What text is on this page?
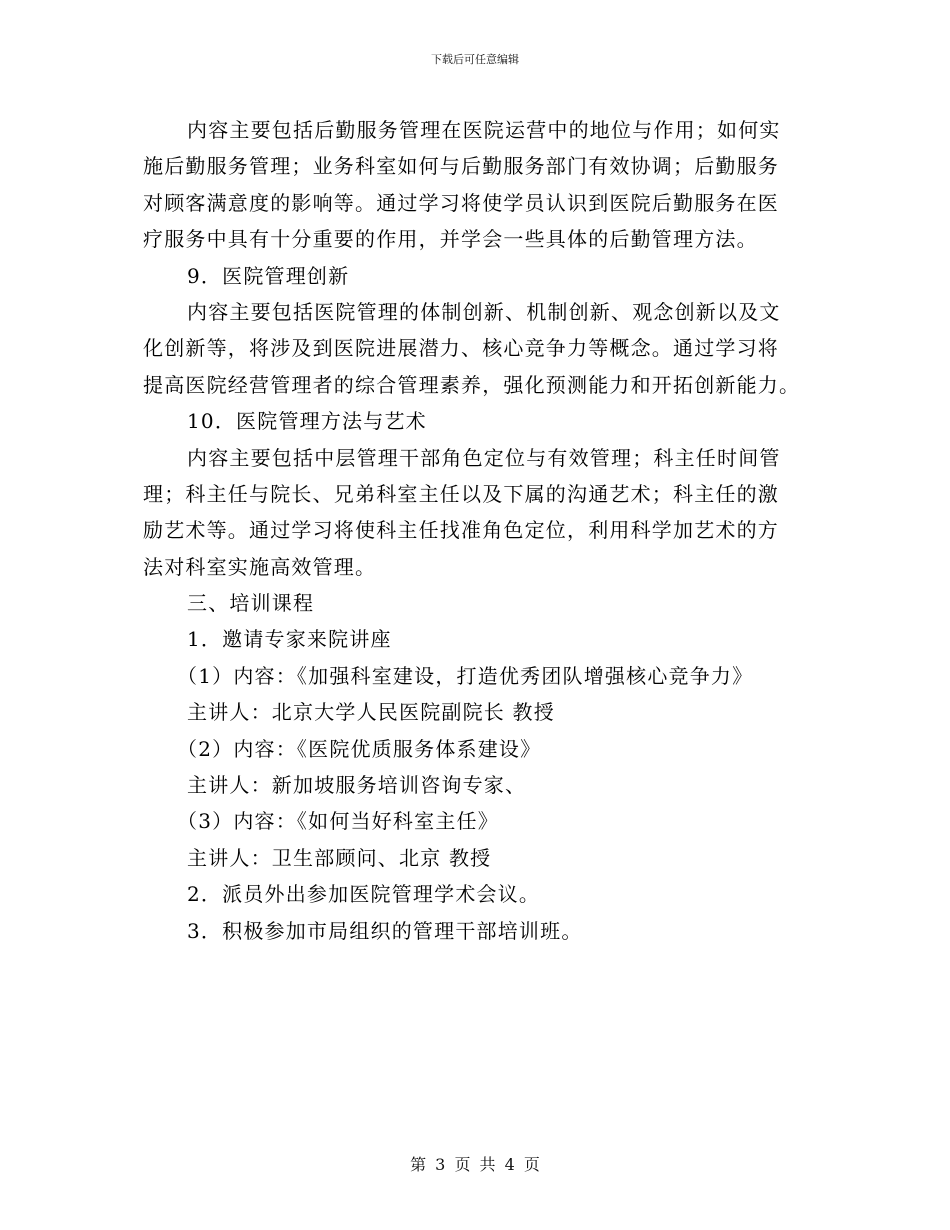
下载后可任意编辑
内容主要包括后勤服务管理在医院运营中的地位与作用；如何实
施后勤服务管理；业务科室如何与后勤服务部门有效协调；后勤服务
对顾客满意度的影响等。通过学习将使学员认识到医院后勤服务在医
疗服务中具有十分重要的作用，并学会一些具体的后勤管理方法。
9．医院管理创新
内容主要包括医院管理的体制创新、机制创新、观念创新以及文
化创新等，将涉及到医院进展潜力、核心竞争力等概念。通过学习将
提高医院经营管理者的综合管理素养，强化预测能力和开拓创新能力。
10．医院管理方法与艺术
内容主要包括中层管理干部角色定位与有效管理；科主任时间管
理；科主任与院长、兄弟科室主任以及下属的沟通艺术；科主任的激
励艺术等。通过学习将使科主任找准角色定位，利用科学加艺术的方
法对科室实施高效管理。
三、培训课程
1．邀请专家来院讲座
（1）内容：《加强科室建设，打造优秀团队增强核心竞争力》
主讲人：北京大学人民医院副院长 教授
（2）内容：《医院优质服务体系建设》
主讲人：新加坡服务培训咨询专家、
（3）内容：《如何当好科室主任》
主讲人：卫生部顾问、北京 教授
2．派员外出参加医院管理学术会议。
3．积极参加市局组织的管理干部培训班。
第 3 页 共 4 页
